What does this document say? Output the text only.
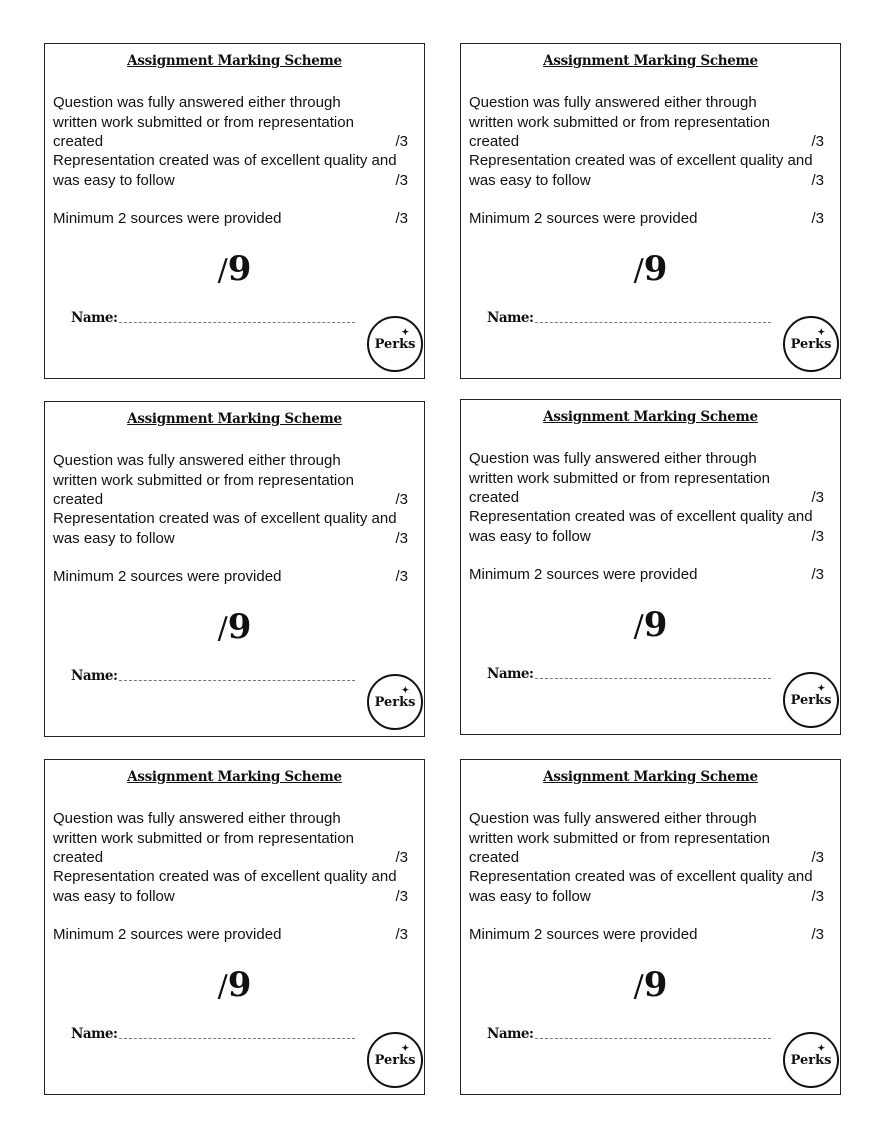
Assignment Marking Scheme
Question was fully answered either through written work submitted or from representation created	/3
Representation created was of excellent quality and was easy to follow	/3
Minimum 2 sources were provided	/3
/9
Name:
✦
Perks
Assignment Marking Scheme
Question was fully answered either through written work submitted or from representation created	/3
Representation created was of excellent quality and was easy to follow	/3
Minimum 2 sources were provided	/3
/9
Name:
✦
Perks
Assignment Marking Scheme
Question was fully answered either through written work submitted or from representation created	/3
Representation created was of excellent quality and was easy to follow	/3
Minimum 2 sources were provided	/3
/9
Name:
✦
Perks
Assignment Marking Scheme
Question was fully answered either through written work submitted or from representation created	/3
Representation created was of excellent quality and was easy to follow	/3
Minimum 2 sources were provided	/3
/9
Name:
✦
Perks
Assignment Marking Scheme
Question was fully answered either through written work submitted or from representation created	/3
Representation created was of excellent quality and was easy to follow	/3
Minimum 2 sources were provided	/3
/9
Name:
✦
Perks
Assignment Marking Scheme
Question was fully answered either through written work submitted or from representation created	/3
Representation created was of excellent quality and was easy to follow	/3
Minimum 2 sources were provided	/3
/9
Name:
✦
Perks
